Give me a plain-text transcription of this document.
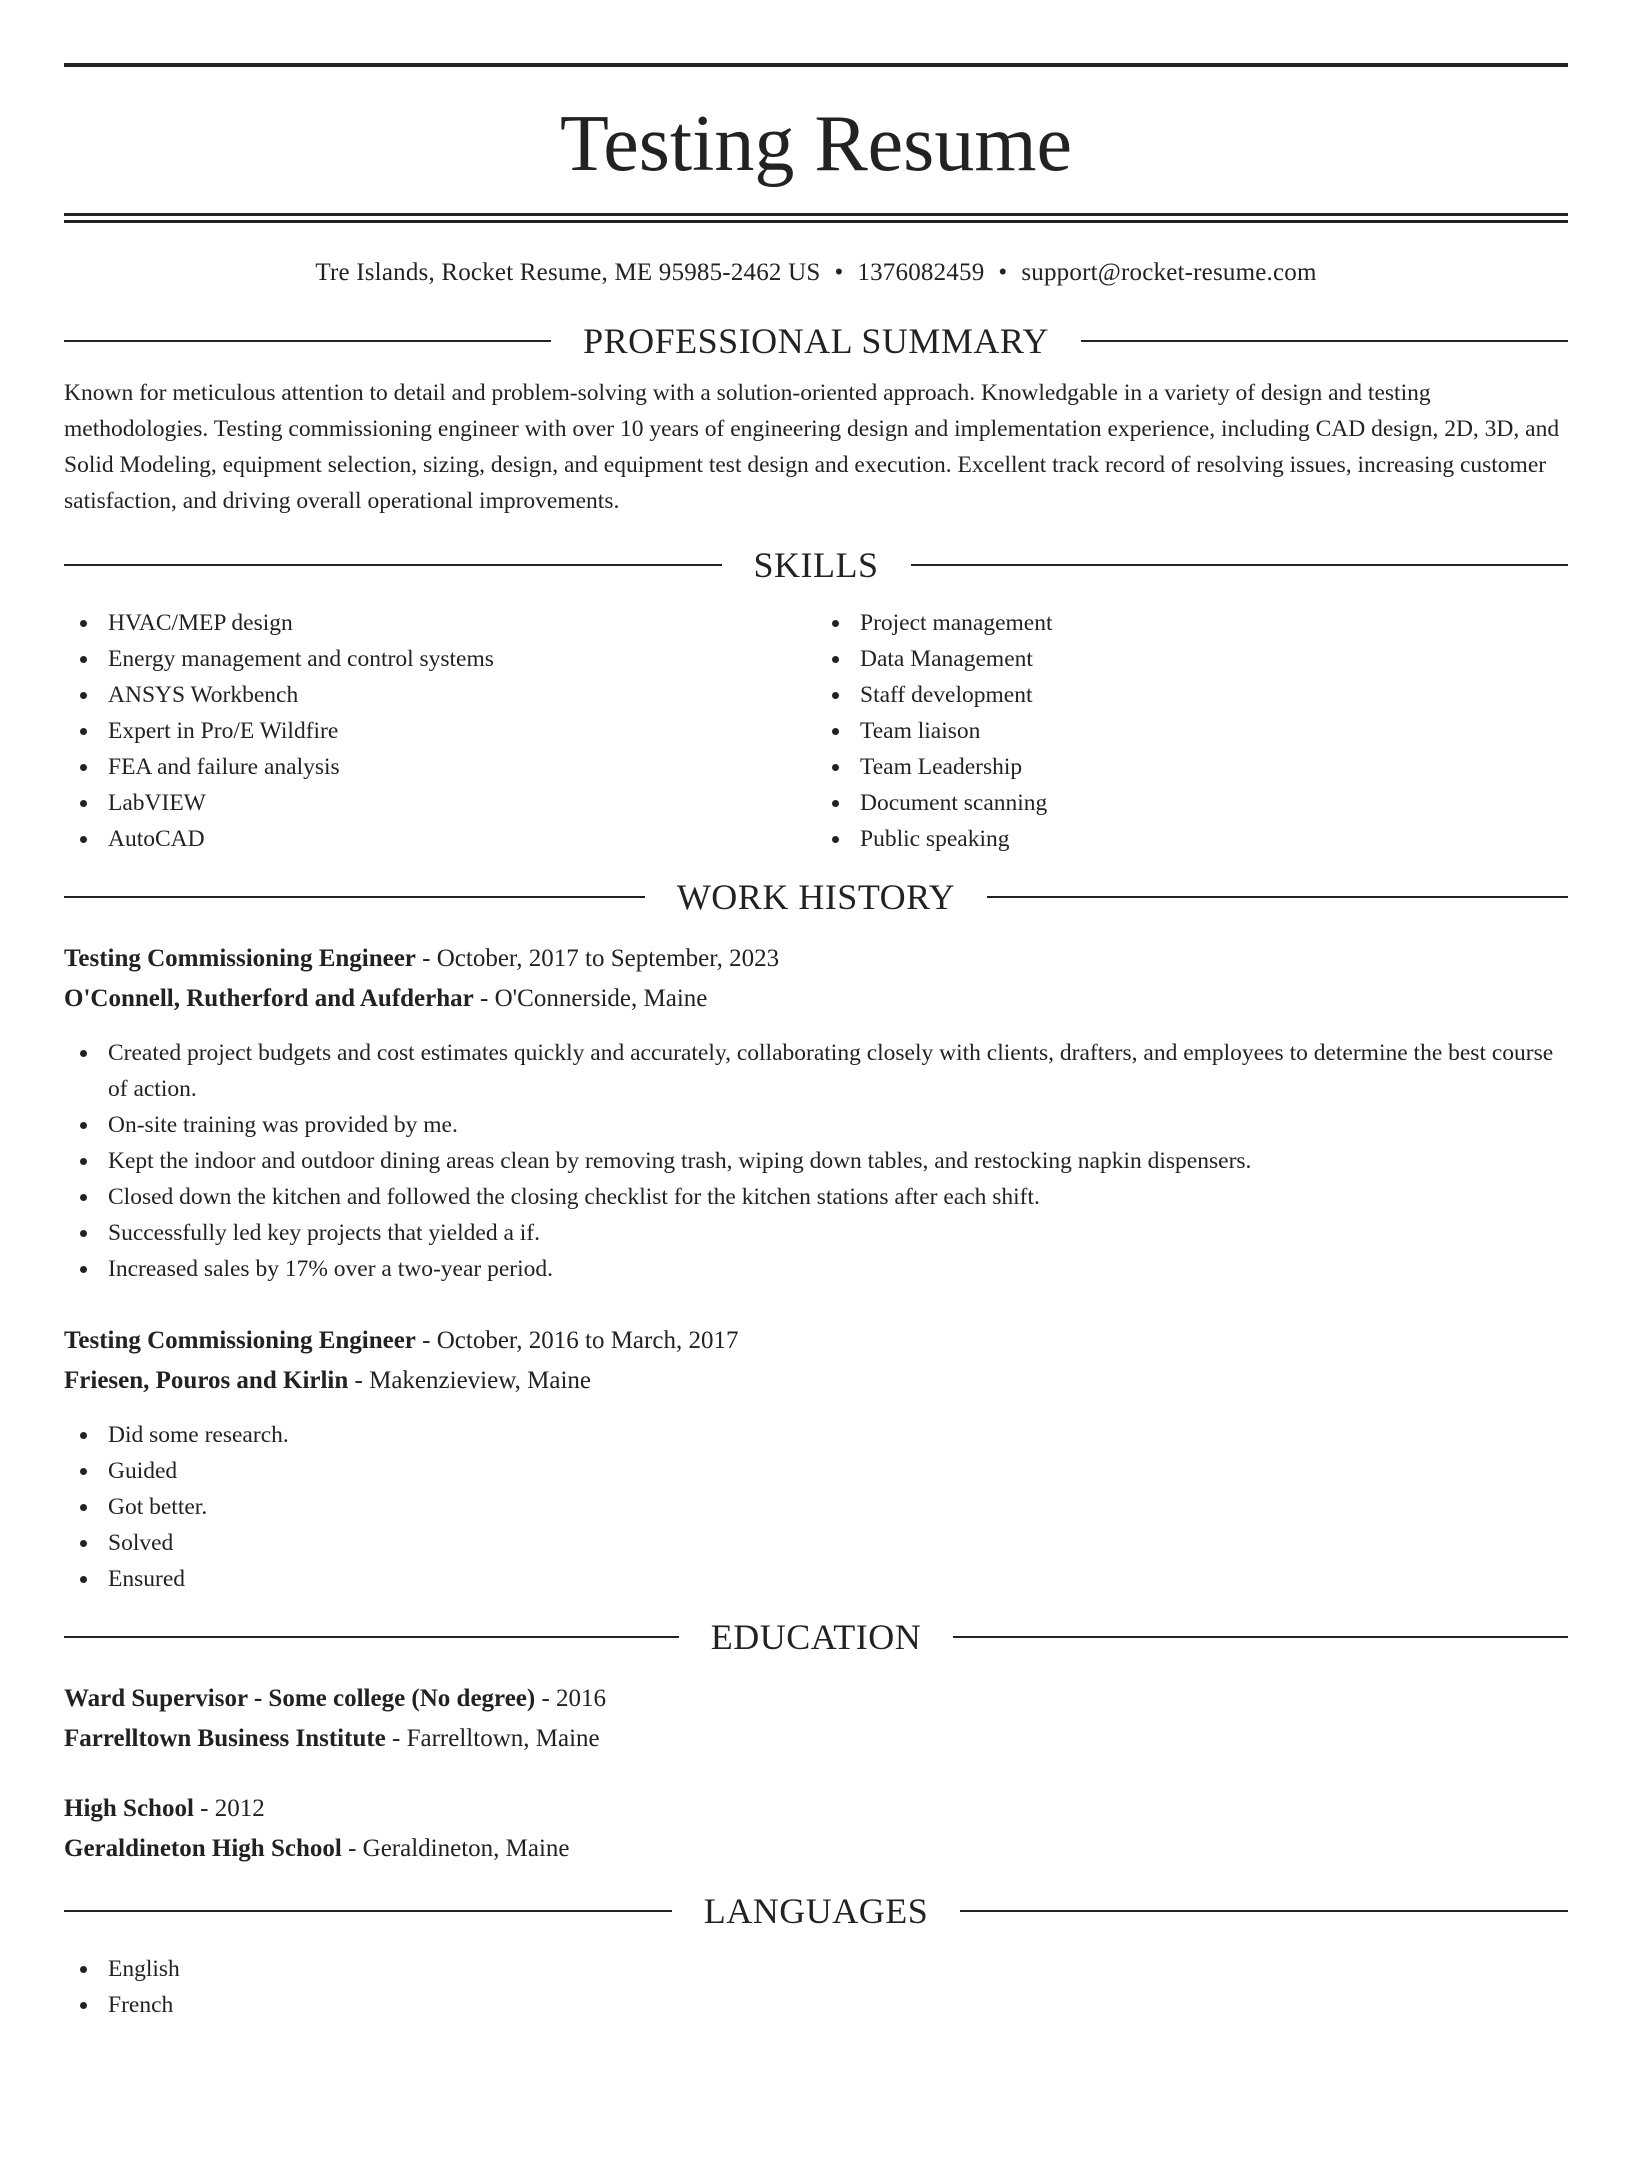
Testing Resume
Tre Islands, Rocket Resume, ME 95985-2462 US • 1376082459 • support@rocket-resume.com
PROFESSIONAL SUMMARY

Known for meticulous attention to detail and problem-solving with a solution-oriented approach. Knowledgable in a variety of design and testing methodologies. Testing commissioning engineer with over 10 years of engineering design and implementation experience, including CAD design, 2D, 3D, and Solid Modeling, equipment selection, sizing, design, and equipment test design and execution. Excellent track record of resolving issues, increasing customer satisfaction, and driving overall operational improvements.

SKILLS
HVAC/MEP design
Energy management and control systems
ANSYS Workbench
Expert in Pro/E Wildfire
FEA and failure analysis
LabVIEW
AutoCAD
Project management
Data Management
Staff development
Team liaison
Team Leadership
Document scanning
Public speaking
WORK HISTORY
Testing Commissioning Engineer - October, 2017 to September, 2023
O'Connell, Rutherford and Aufderhar - O'Connerside, Maine
Created project budgets and cost estimates quickly and accurately, collaborating closely with clients, drafters, and employees to determine the best course of action.
On-site training was provided by me.
Kept the indoor and outdoor dining areas clean by removing trash, wiping down tables, and restocking napkin dispensers.
Closed down the kitchen and followed the closing checklist for the kitchen stations after each shift.
Successfully led key projects that yielded a if.
Increased sales by 17% over a two-year period.
Testing Commissioning Engineer - October, 2016 to March, 2017
Friesen, Pouros and Kirlin - Makenzieview, Maine
Did some research.
Guided
Got better.
Solved
Ensured
EDUCATION
Ward Supervisor - Some college (No degree) - 2016
Farrelltown Business Institute - Farrelltown, Maine
High School - 2012
Geraldineton High School - Geraldineton, Maine
LANGUAGES
English
French
